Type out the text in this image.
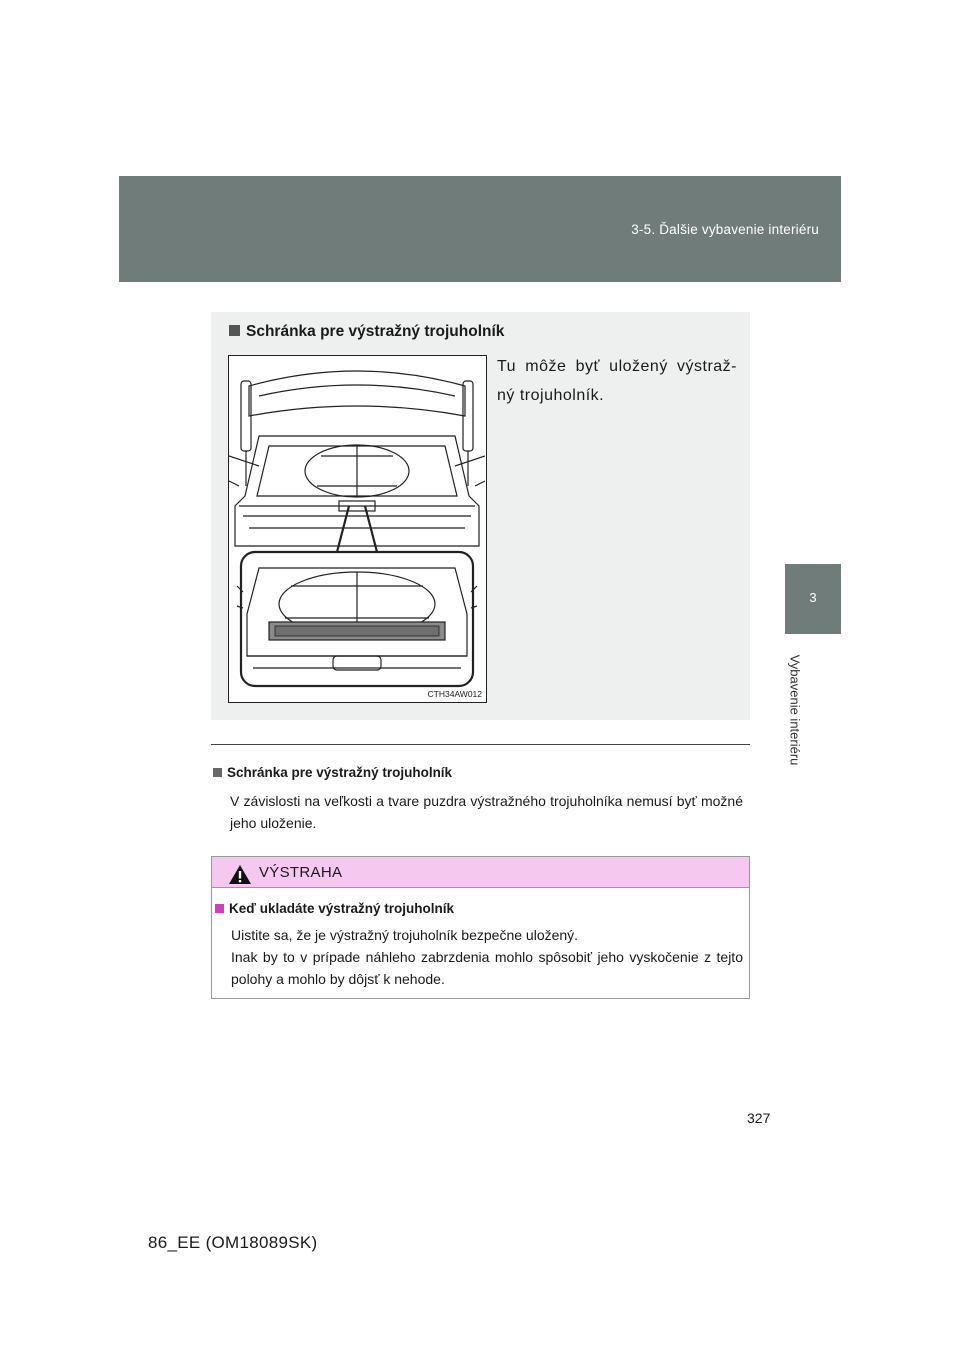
3-5. Ďalšie vybavenie interiéru
3
Vybavenie interiéru
Schránka pre výstražný trojuholník
Tu môže byť uložený výstraž-ný trojuholník.
CTH34AW012
Schránka pre výstražný trojuholník
V závislosti na veľkosti a tvare puzdra výstražného trojuholníka nemusí byť možné jeho uloženie.
VÝSTRAHA
Keď ukladáte výstražný trojuholník
Uistite sa, že je výstražný trojuholník bezpečne uložený.
Inak by to v prípade náhleho zabrzdenia mohlo spôsobiť jeho vyskočenie z tejto polohy a mohlo by dôjsť k nehode.
327
86_EE (OM18089SK)
